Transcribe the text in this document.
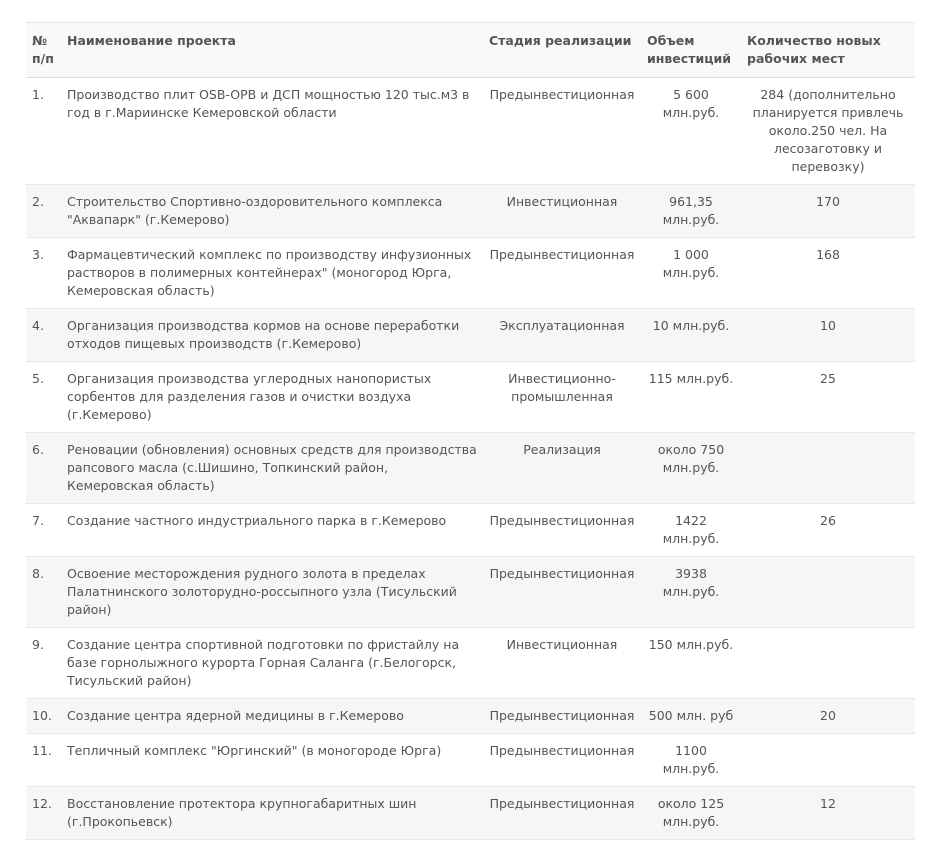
№ п/п	Наименование проекта	Стадия реализации	Объем инвестиций	Количество новых рабочих мест
1.	Производство плит OSB-OPB и ДСП мощностью 120 тыс.м3 в год в г.Мариинске Кемеровской области	Предынвестиционная	5 600 млн.руб.	284 (дополнительно планируется привлечь около.250 чел. На лесозаготовку и перевозку)
2.	Строительство Спортивно-оздоровительного комплекса "Аквапарк" (г.Кемерово)	Инвестиционная	961,35 млн.руб.	170
3.	Фармацевтический комплекс по производству инфузионных растворов в полимерных контейнерах" (моногород Юрга, Кемеровская область)	Предынвестиционная	1 000 млн.руб.	168
4.	Организация производства кормов на основе переработки отходов пищевых производств (г.Кемерово)	Эксплуатационная	10 млн.руб.	10
5.	Организация производства углеродных нанопористых сорбентов для разделения газов и очистки воздуха (г.Кемерово)	Инвестиционно-промышленная	115 млн.руб.	25
6.	Реновации (обновления) основных средств для производства рапсового масла (с.Шишино, Топкинский район, Кемеровская область)	Реализация	около 750 млн.руб.	
7.	Создание частного индустриального парка в г.Кемерово	Предынвестиционная	1422 млн.руб.	26
8.	Освоение месторождения рудного золота в пределах Палатнинского золоторудно-россыпного узла (Тисульский район)	Предынвестиционная	3938 млн.руб.	
9.	Создание центра спортивной подготовки по фристайлу на базе горнолыжного курорта Горная Саланга (г.Белогорск, Тисульский район)	Инвестиционная	150 млн.руб.	
10.	Создание центра ядерной медицины в г.Кемерово	Предынвестиционная	500 млн. руб	20
11.	Тепличный комплекс "Юргинский" (в моногороде Юрга)	Предынвестиционная	1100 млн.руб.	
12.	Восстановление протектора крупногабаритных шин (г.Прокопьевск)	Предынвестиционная	около 125 млн.руб.	12
